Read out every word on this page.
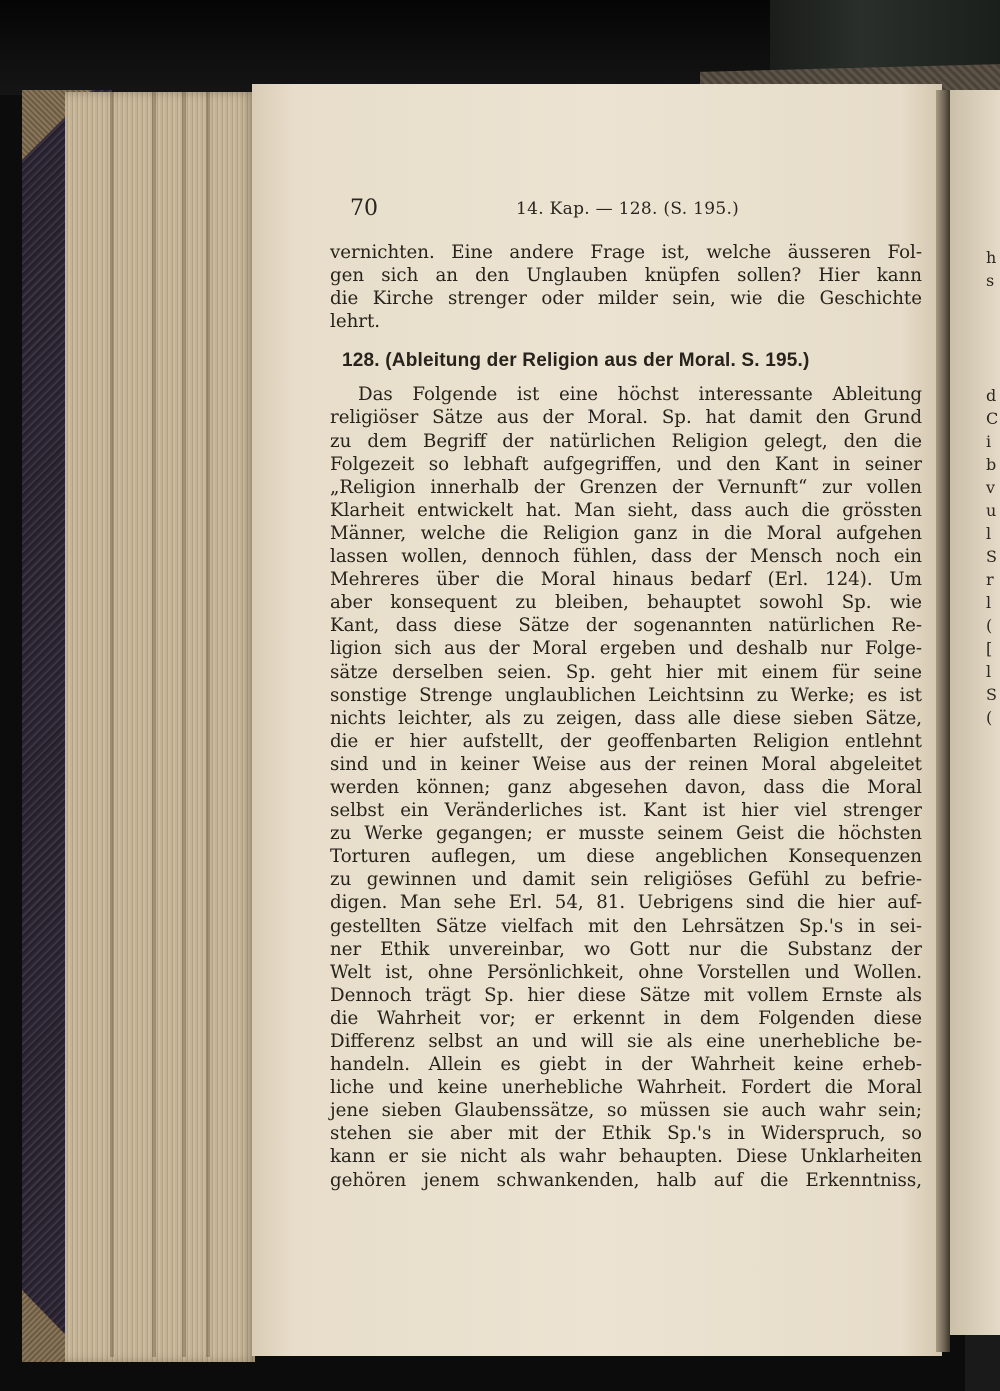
70	14. Kap. — 128. (S. 195.)
vernichten. Eine andere Frage ist, welche äusseren Fol-
gen sich an den Unglauben knüpfen sollen? Hier kann
die Kirche strenger oder milder sein, wie die Geschichte
lehrt.
128. (Ableitung der Religion aus der Moral. S. 195.)
Das Folgende ist eine höchst interessante Ableitung
religiöser Sätze aus der Moral. Sp. hat damit den Grund
zu dem Begriff der natürlichen Religion gelegt, den die
Folgezeit so lebhaft aufgegriffen, und den Kant in seiner
„Religion innerhalb der Grenzen der Vernunft“ zur vollen
Klarheit entwickelt hat. Man sieht, dass auch die grössten
Männer, welche die Religion ganz in die Moral aufgehen
lassen wollen, dennoch fühlen, dass der Mensch noch ein
Mehreres über die Moral hinaus bedarf (Erl. 124). Um
aber konsequent zu bleiben, behauptet sowohl Sp. wie
Kant, dass diese Sätze der sogenannten natürlichen Re-
ligion sich aus der Moral ergeben und deshalb nur Folge-
sätze derselben seien. Sp. geht hier mit einem für seine
sonstige Strenge unglaublichen Leichtsinn zu Werke; es ist
nichts leichter, als zu zeigen, dass alle diese sieben Sätze,
die er hier aufstellt, der geoffenbarten Religion entlehnt
sind und in keiner Weise aus der reinen Moral abgeleitet
werden können; ganz abgesehen davon, dass die Moral
selbst ein Veränderliches ist. Kant ist hier viel strenger
zu Werke gegangen; er musste seinem Geist die höchsten
Torturen auflegen, um diese angeblichen Konsequenzen
zu gewinnen und damit sein religiöses Gefühl zu befrie-
digen. Man sehe Erl. 54, 81. Uebrigens sind die hier auf-
gestellten Sätze vielfach mit den Lehrsätzen Sp.'s in sei-
ner Ethik unvereinbar, wo Gott nur die Substanz der
Welt ist, ohne Persönlichkeit, ohne Vorstellen und Wollen.
Dennoch trägt Sp. hier diese Sätze mit vollem Ernste als
die Wahrheit vor; er erkennt in dem Folgenden diese
Differenz selbst an und will sie als eine unerhebliche be-
handeln. Allein es giebt in der Wahrheit keine erheb-
liche und keine unerhebliche Wahrheit. Fordert die Moral
jene sieben Glaubenssätze, so müssen sie auch wahr sein;
stehen sie aber mit der Ethik Sp.'s in Widerspruch, so
kann er sie nicht als wahr behaupten. Diese Unklarheiten
gehören jenem schwankenden, halb auf die Erkenntniss,
